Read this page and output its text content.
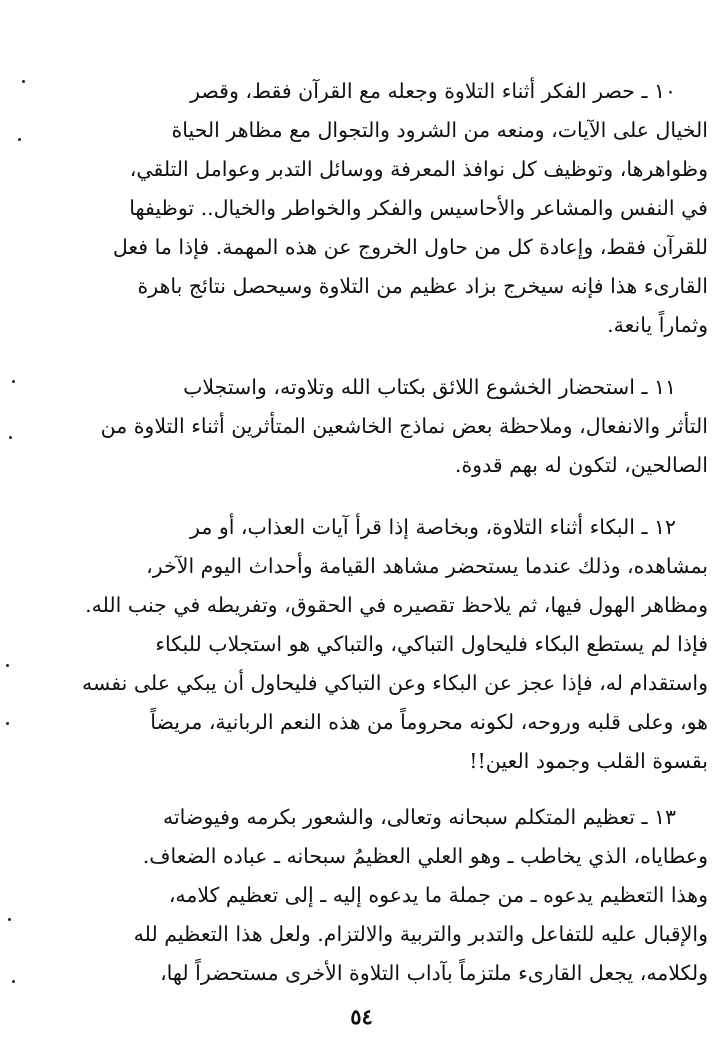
١٠ ـ حصر الفكر أثناء التلاوة وجعله مع القرآن فقط، وقصر
الخيال على الآيات، ومنعه من الشرود والتجوال مع مظاهر الحياة
وظواهرها، وتوظيف كل نوافذ المعرفة ووسائل التدبر وعوامل التلقي،
في النفس والمشاعر والأحاسيس والفكر والخواطر والخيال.. توظيفها
للقرآن فقط، وإعادة كل من حاول الخروج عن هذه المهمة. فإذا ما فعل
القارىء هذا فإنه سيخرج بزاد عظيم من التلاوة وسيحصل نتائج باهرة
وثماراً يانعة.
١١ ـ استحضار الخشوع اللائق بكتاب الله وتلاوته، واستجلاب
التأثر والانفعال، وملاحظة بعض نماذج الخاشعين المتأثرين أثناء التلاوة من
الصالحين، لتكون له بهم قدوة.
١٢ ـ البكاء أثناء التلاوة، وبخاصة إذا قرأ آيات العذاب، أو مر
بمشاهده، وذلك عندما يستحضر مشاهد القيامة وأحداث اليوم الآخر،
ومظاهر الهول فيها، ثم يلاحظ تقصيره في الحقوق، وتفريطه في جنب الله.
فإذا لم يستطع البكاء فليحاول التباكي، والتباكي هو استجلاب للبكاء
واستقدام له، فإذا عجز عن البكاء وعن التباكي فليحاول أن يبكي على نفسه
هو، وعلى قلبه وروحه، لكونه محروماً من هذه النعم الربانية، مريضاً
بقسوة القلب وجمود العين!!
١٣ ـ تعظيم المتكلم سبحانه وتعالى، والشعور بكرمه وفيوضاته
وعطاياه، الذي يخاطب ـ وهو العلي العظيمُ سبحانه ـ عباده الضعاف.
وهذا التعظيم يدعوه ـ من جملة ما يدعوه إليه ـ إلى تعظيم كلامه،
والإقبال عليه للتفاعل والتدبر والتربية والالتزام. ولعل هذا التعظيم لله
ولكلامه، يجعل القارىء ملتزماً بآداب التلاوة الأخرى مستحضراً لها،
٥٤
